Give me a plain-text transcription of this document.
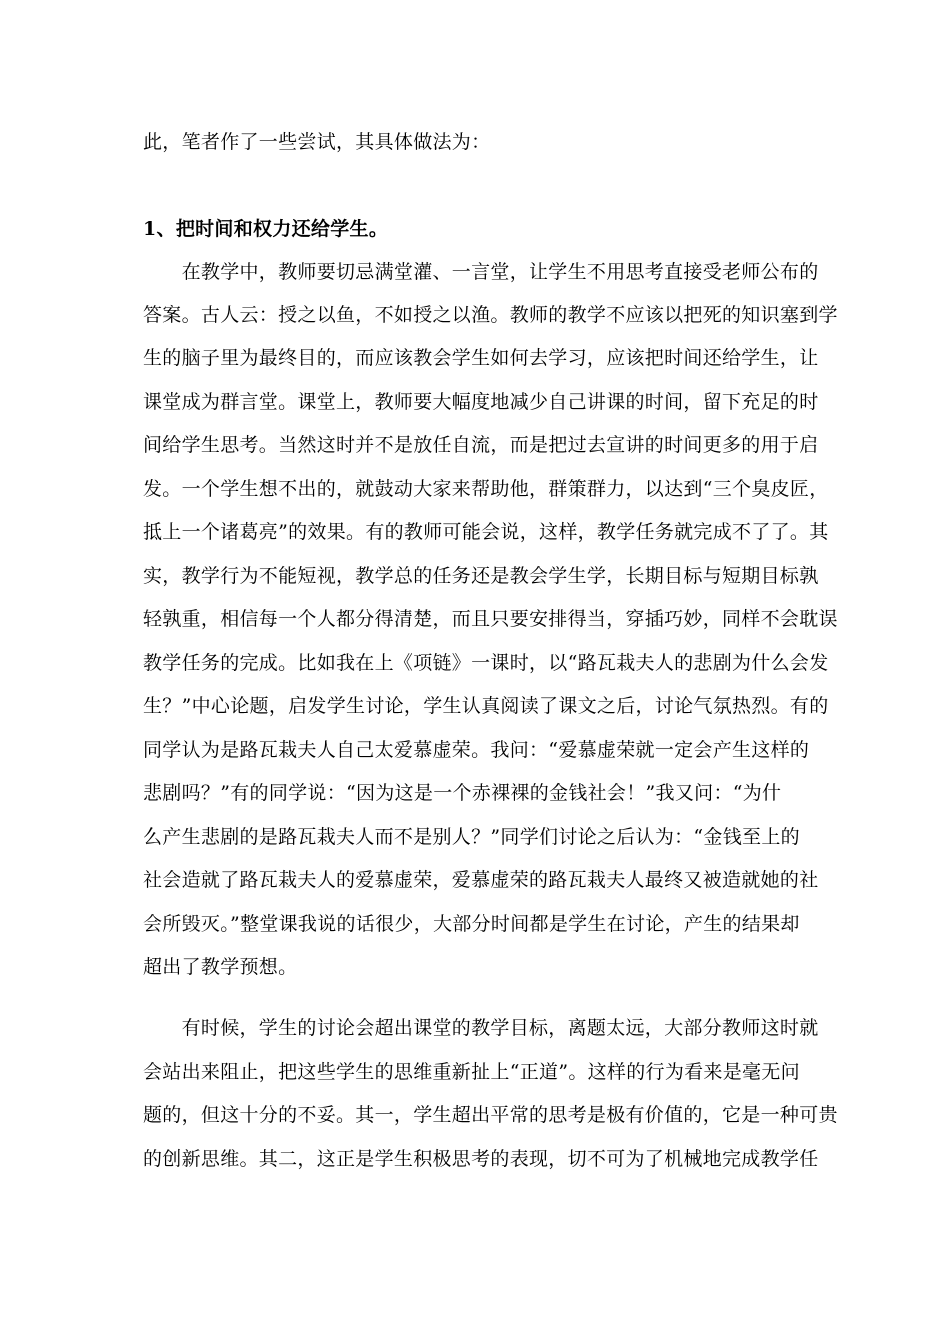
此，笔者作了一些尝试，其具体做法为：
1、把时间和权力还给学生。
　　在教学中，教师要切忌满堂灌、一言堂，让学生不用思考直接受老师公布的
答案。古人云：授之以鱼，不如授之以渔。教师的教学不应该以把死的知识塞到学
生的脑子里为最终目的，而应该教会学生如何去学习，应该把时间还给学生，让
课堂成为群言堂。课堂上，教师要大幅度地减少自己讲课的时间，留下充足的时
间给学生思考。当然这时并不是放任自流，而是把过去宣讲的时间更多的用于启
发。一个学生想不出的，就鼓动大家来帮助他，群策群力，以达到“三个臭皮匠，
抵上一个诸葛亮”的效果。有的教师可能会说，这样，教学任务就完成不了了。其
实，教学行为不能短视，教学总的任务还是教会学生学，长期目标与短期目标孰
轻孰重，相信每一个人都分得清楚，而且只要安排得当，穿插巧妙，同样不会耽误
教学任务的完成。比如我在上《项链》一课时，以“路瓦栽夫人的悲剧为什么会发
生？”中心论题，启发学生讨论，学生认真阅读了课文之后，讨论气氛热烈。有的
同学认为是路瓦栽夫人自己太爱慕虚荣。我问：“爱慕虚荣就一定会产生这样的
悲剧吗？”有的同学说：“因为这是一个赤裸裸的金钱社会！”我又问：“为什
么产生悲剧的是路瓦栽夫人而不是别人？”同学们讨论之后认为：“金钱至上的
社会造就了路瓦栽夫人的爱慕虚荣，爱慕虚荣的路瓦栽夫人最终又被造就她的社
会所毁灭。”整堂课我说的话很少，大部分时间都是学生在讨论，产生的结果却
超出了教学预想。
　　有时候，学生的讨论会超出课堂的教学目标，离题太远，大部分教师这时就
会站出来阻止，把这些学生的思维重新扯上“正道”。这样的行为看来是毫无问
题的，但这十分的不妥。其一，学生超出平常的思考是极有价值的，它是一种可贵
的创新思维。其二，这正是学生积极思考的表现，切不可为了机械地完成教学任
